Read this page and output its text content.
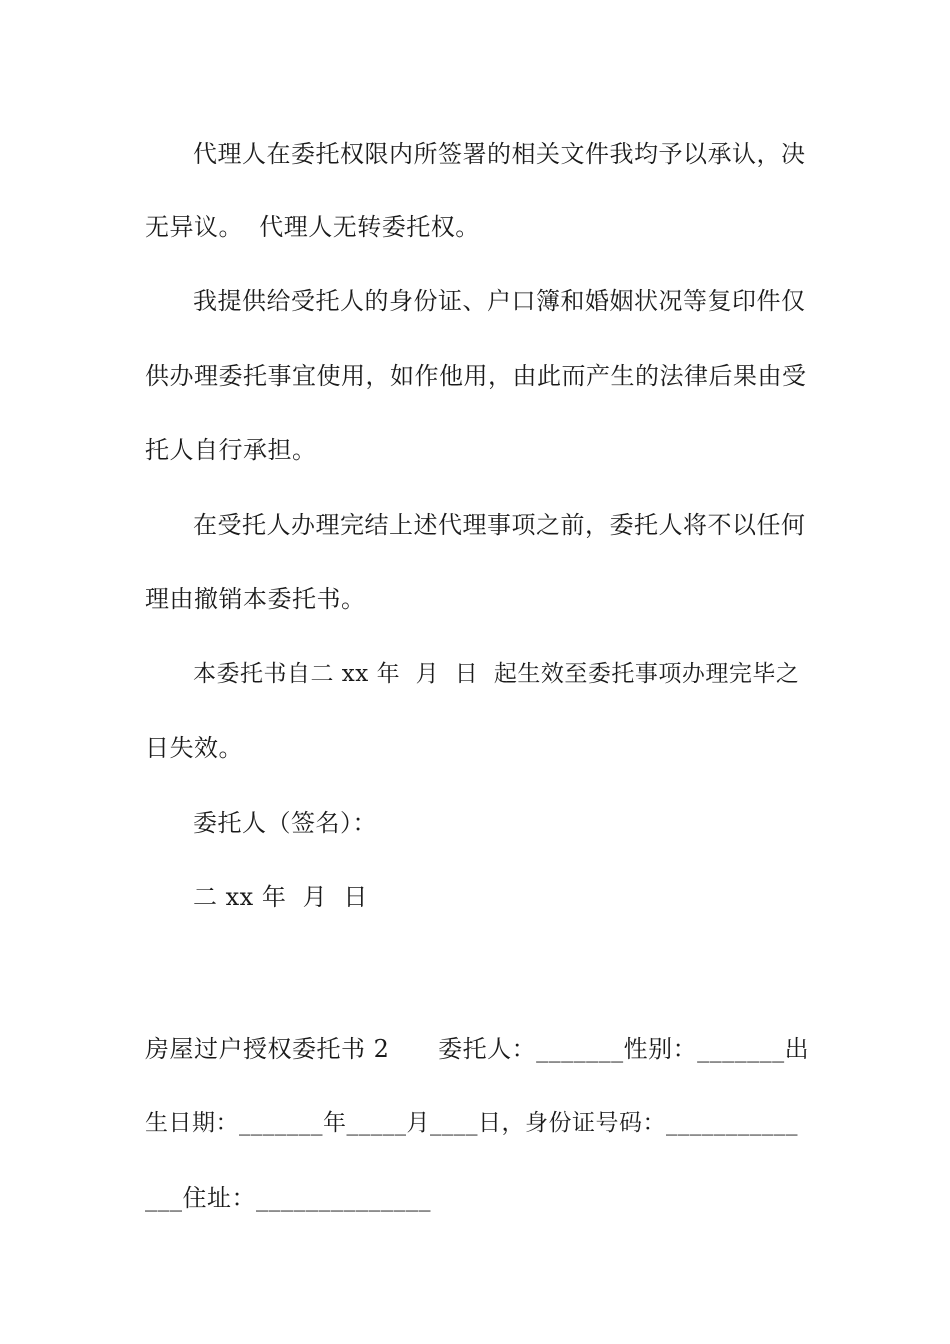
代理人在委托权限内所签署的相关文件我均予以承认，决
无异议。  代理人无转委托权。
我提供给受托人的身份证、户口簿和婚姻状况等复印件仅
供办理委托事宜使用，如作他用，由此而产生的法律后果由受
托人自行承担。
在受托人办理完结上述代理事项之前，委托人将不以任何
理由撤销本委托书。
本委托书自二 xx 年  月  日  起生效至委托事项办理完毕之
日失效。
委托人（签名）：
二 xx 年  月  日
房屋过户授权委托书 2      委托人：_______性别：_______出
生日期：_______年_____月____日，身份证号码：___________
___住址：______________
